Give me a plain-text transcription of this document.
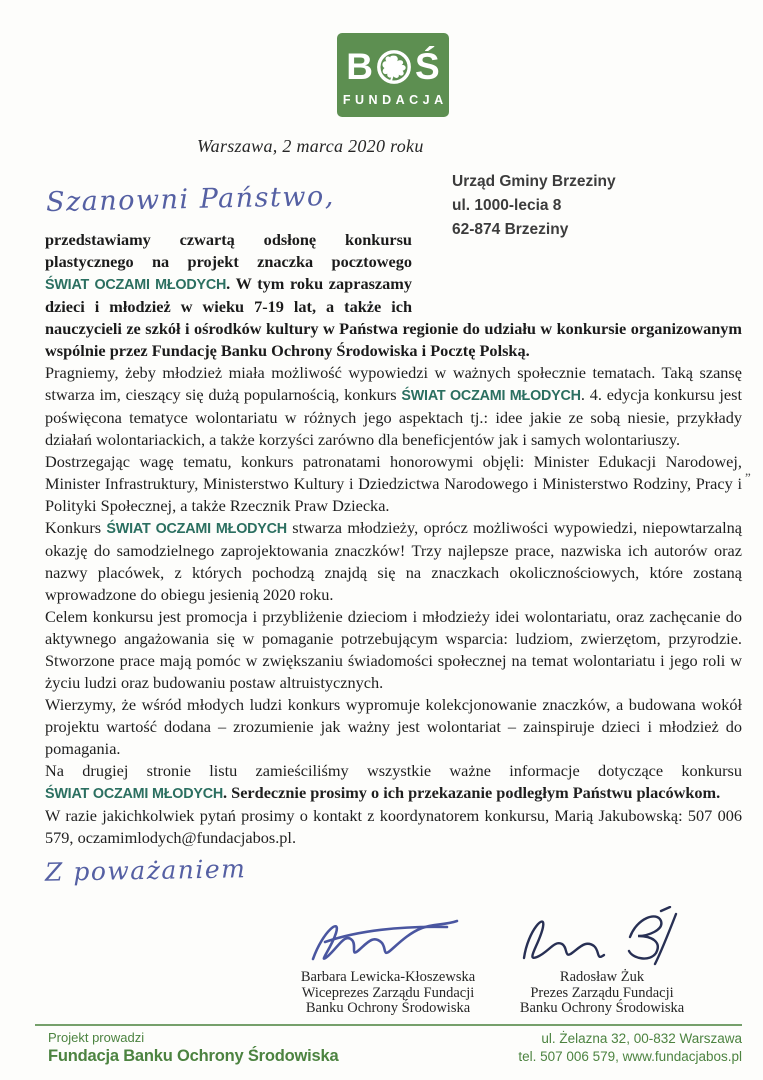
B Ś
FUNDACJA
Warszawa, 2 marca 2020 roku
Urząd Gminy Brzeziny
ul. 1000-lecia 8
62-874 Brzeziny
Szanowni Państwo,

przedstawiamy czwartą odsłonę konkursu plastycznego na projekt znaczka pocztowego ŚWIAT OCZAMI MŁODYCH. W tym roku zapraszamy dzieci i młodzież w wieku 7-19 lat, a także ich nauczycieli ze szkół i ośrodków kultury w Państwa regionie do udziału w konkursie organizowanym wspólnie przez Fundację Banku Ochrony Środowiska i Pocztę Polską.

Pragniemy, żeby młodzież miała możliwość wypowiedzi w ważnych społecznie tematach. Taką szansę stwarza im, cieszący się dużą popularnością, konkurs ŚWIAT OCZAMI MŁODYCH. 4. edycja konkursu jest poświęcona tematyce wolontariatu w różnych jego aspektach tj.: idee jakie ze sobą niesie, przykłady działań wolontariackich, a także korzyści zarówno dla beneficjentów jak i samych wolontariuszy.

Dostrzegając wagę tematu, konkurs patronatami honorowymi objęli: Minister Edukacji Narodowej, Minister Infrastruktury, Ministerstwo Kultury i Dziedzictwa Narodowego i Ministerstwo Rodziny, Pracy i Polityki Społecznej, a także Rzecznik Praw Dziecka.

Konkurs ŚWIAT OCZAMI MŁODYCH stwarza młodzieży, oprócz możliwości wypowiedzi, niepowtarzalną okazję do samodzielnego zaprojektowania znaczków! Trzy najlepsze prace, nazwiska ich autorów oraz nazwy placówek, z których pochodzą znajdą się na znaczkach okolicznościowych, które zostaną wprowadzone do obiegu jesienią 2020 roku.

Celem konkursu jest promocja i przybliżenie dzieciom i młodzieży idei wolontariatu, oraz zachęcanie do aktywnego angażowania się w pomaganie potrzebującym wsparcia: ludziom, zwierzętom, przyrodzie. Stworzone prace mają pomóc w zwiększaniu świadomości społecznej na temat wolontariatu i jego roli w życiu ludzi oraz budowaniu postaw altruistycznych.

Wierzymy, że wśród młodych ludzi konkurs wypromuje kolekcjonowanie znaczków, a budowana wokół projektu wartość dodana – zrozumienie jak ważny jest wolontariat – zainspiruje dzieci i młodzież do pomagania.

Na drugiej stronie listu zamieściliśmy wszystkie ważne informacje dotyczące konkursu ŚWIAT OCZAMI MŁODYCH. Serdecznie prosimy o ich przekazanie podległym Państwu placówkom.

W razie jakichkolwiek pytań prosimy o kontakt z koordynatorem konkursu, Marią Jakubowską: 507 006 579, oczamimlodych@fundacjabos.pl.

”
Z poważaniem
Barbara Lewicka-Kłoszewska
Wiceprezes Zarządu Fundacji
Banku Ochrony Środowiska
Radosław Żuk
Prezes Zarządu Fundacji
Banku Ochrony Środowiska
Projekt prowadzi
Fundacja Banku Ochrony Środowiska
ul. Żelazna 32, 00-832 Warszawa
tel. 507 006 579, www.fundacjabos.pl
